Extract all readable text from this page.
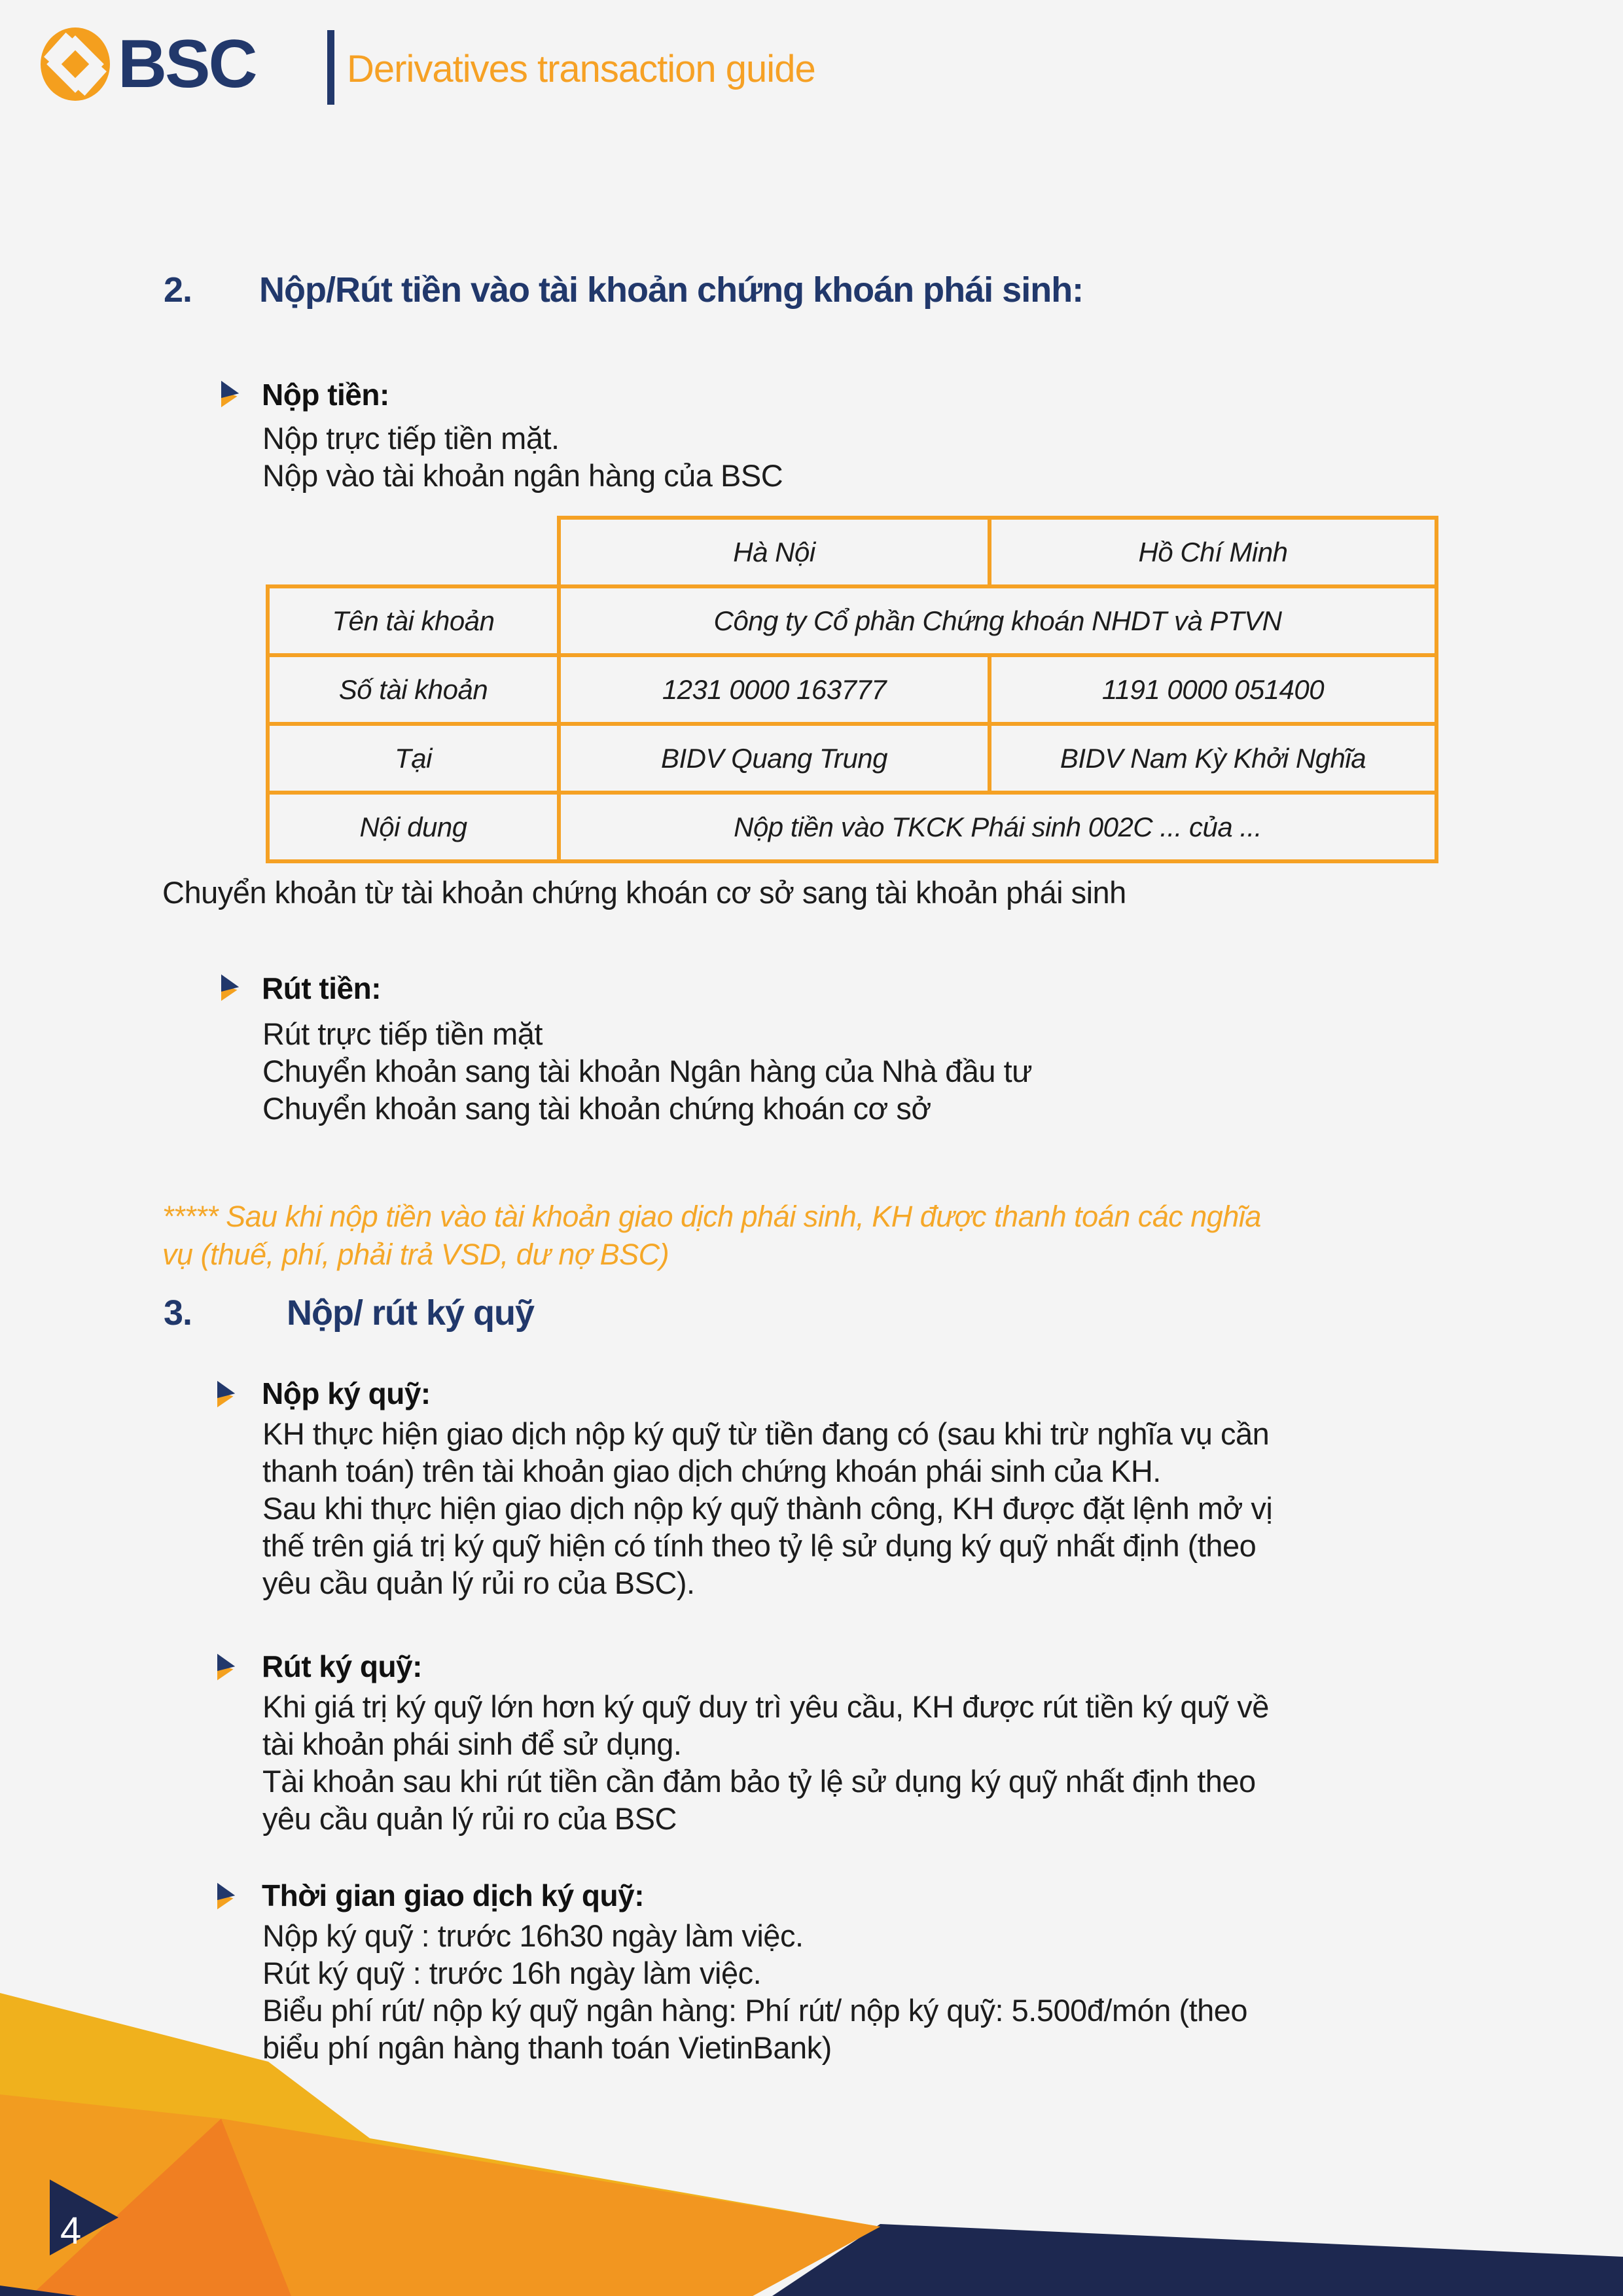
BSC Derivatives transaction guide
2. Nộp/Rút tiền vào tài khoản chứng khoán phái sinh:
Nộp tiền:
Nộp trực tiếp tiền mặt.
Nộp vào tài khoản ngân hàng của BSC
	Hà Nội	Hồ Chí Minh
Tên tài khoản	Công ty Cổ phần Chứng khoán NHDT và PTVN	
Số tài khoản	1231 0000 163777	1191 0000 051400
Tại	BIDV Quang Trung	BIDV Nam Kỳ Khởi Nghĩa
Nội dung	Nộp tiền vào TKCK Phái sinh 002C ... của ...	
Chuyển khoản từ tài khoản chứng khoán cơ sở sang tài khoản phái sinh
Rút tiền:
Rút trực tiếp tiền mặt
Chuyển khoản sang tài khoản Ngân hàng của Nhà đầu tư
Chuyển khoản sang tài khoản chứng khoán cơ sở
***** Sau khi nộp tiền vào tài khoản giao dịch phái sinh, KH được thanh toán các nghĩa
vụ (thuế, phí, phải trả VSD, dư nợ BSC)
3.	Nộp/ rút ký quỹ
Nộp ký quỹ:
KH thực hiện giao dịch nộp ký quỹ từ tiền đang có (sau khi trừ nghĩa vụ cần
thanh toán) trên tài khoản giao dịch chứng khoán phái sinh của KH.
Sau khi thực hiện giao dịch nộp ký quỹ thành công, KH được đặt lệnh mở vị
thế trên giá trị ký quỹ hiện có tính theo tỷ lệ sử dụng ký quỹ nhất định (theo
yêu cầu quản lý rủi ro của BSC).
Rút ký quỹ:
Khi giá trị ký quỹ lớn hơn ký quỹ duy trì yêu cầu, KH được rút tiền ký quỹ về
tài khoản phái sinh để sử dụng.
Tài khoản sau khi rút tiền cần đảm bảo tỷ lệ sử dụng ký quỹ nhất định theo
yêu cầu quản lý rủi ro của BSC
Thời gian giao dịch ký quỹ:
Nộp ký quỹ : trước 16h30 ngày làm việc.
Rút ký quỹ : trước 16h ngày làm việc.
Biểu phí rút/ nộp ký quỹ ngân hàng: Phí rút/ nộp ký quỹ: 5.500đ/món (theo
biểu phí ngân hàng thanh toán VietinBank)
4
